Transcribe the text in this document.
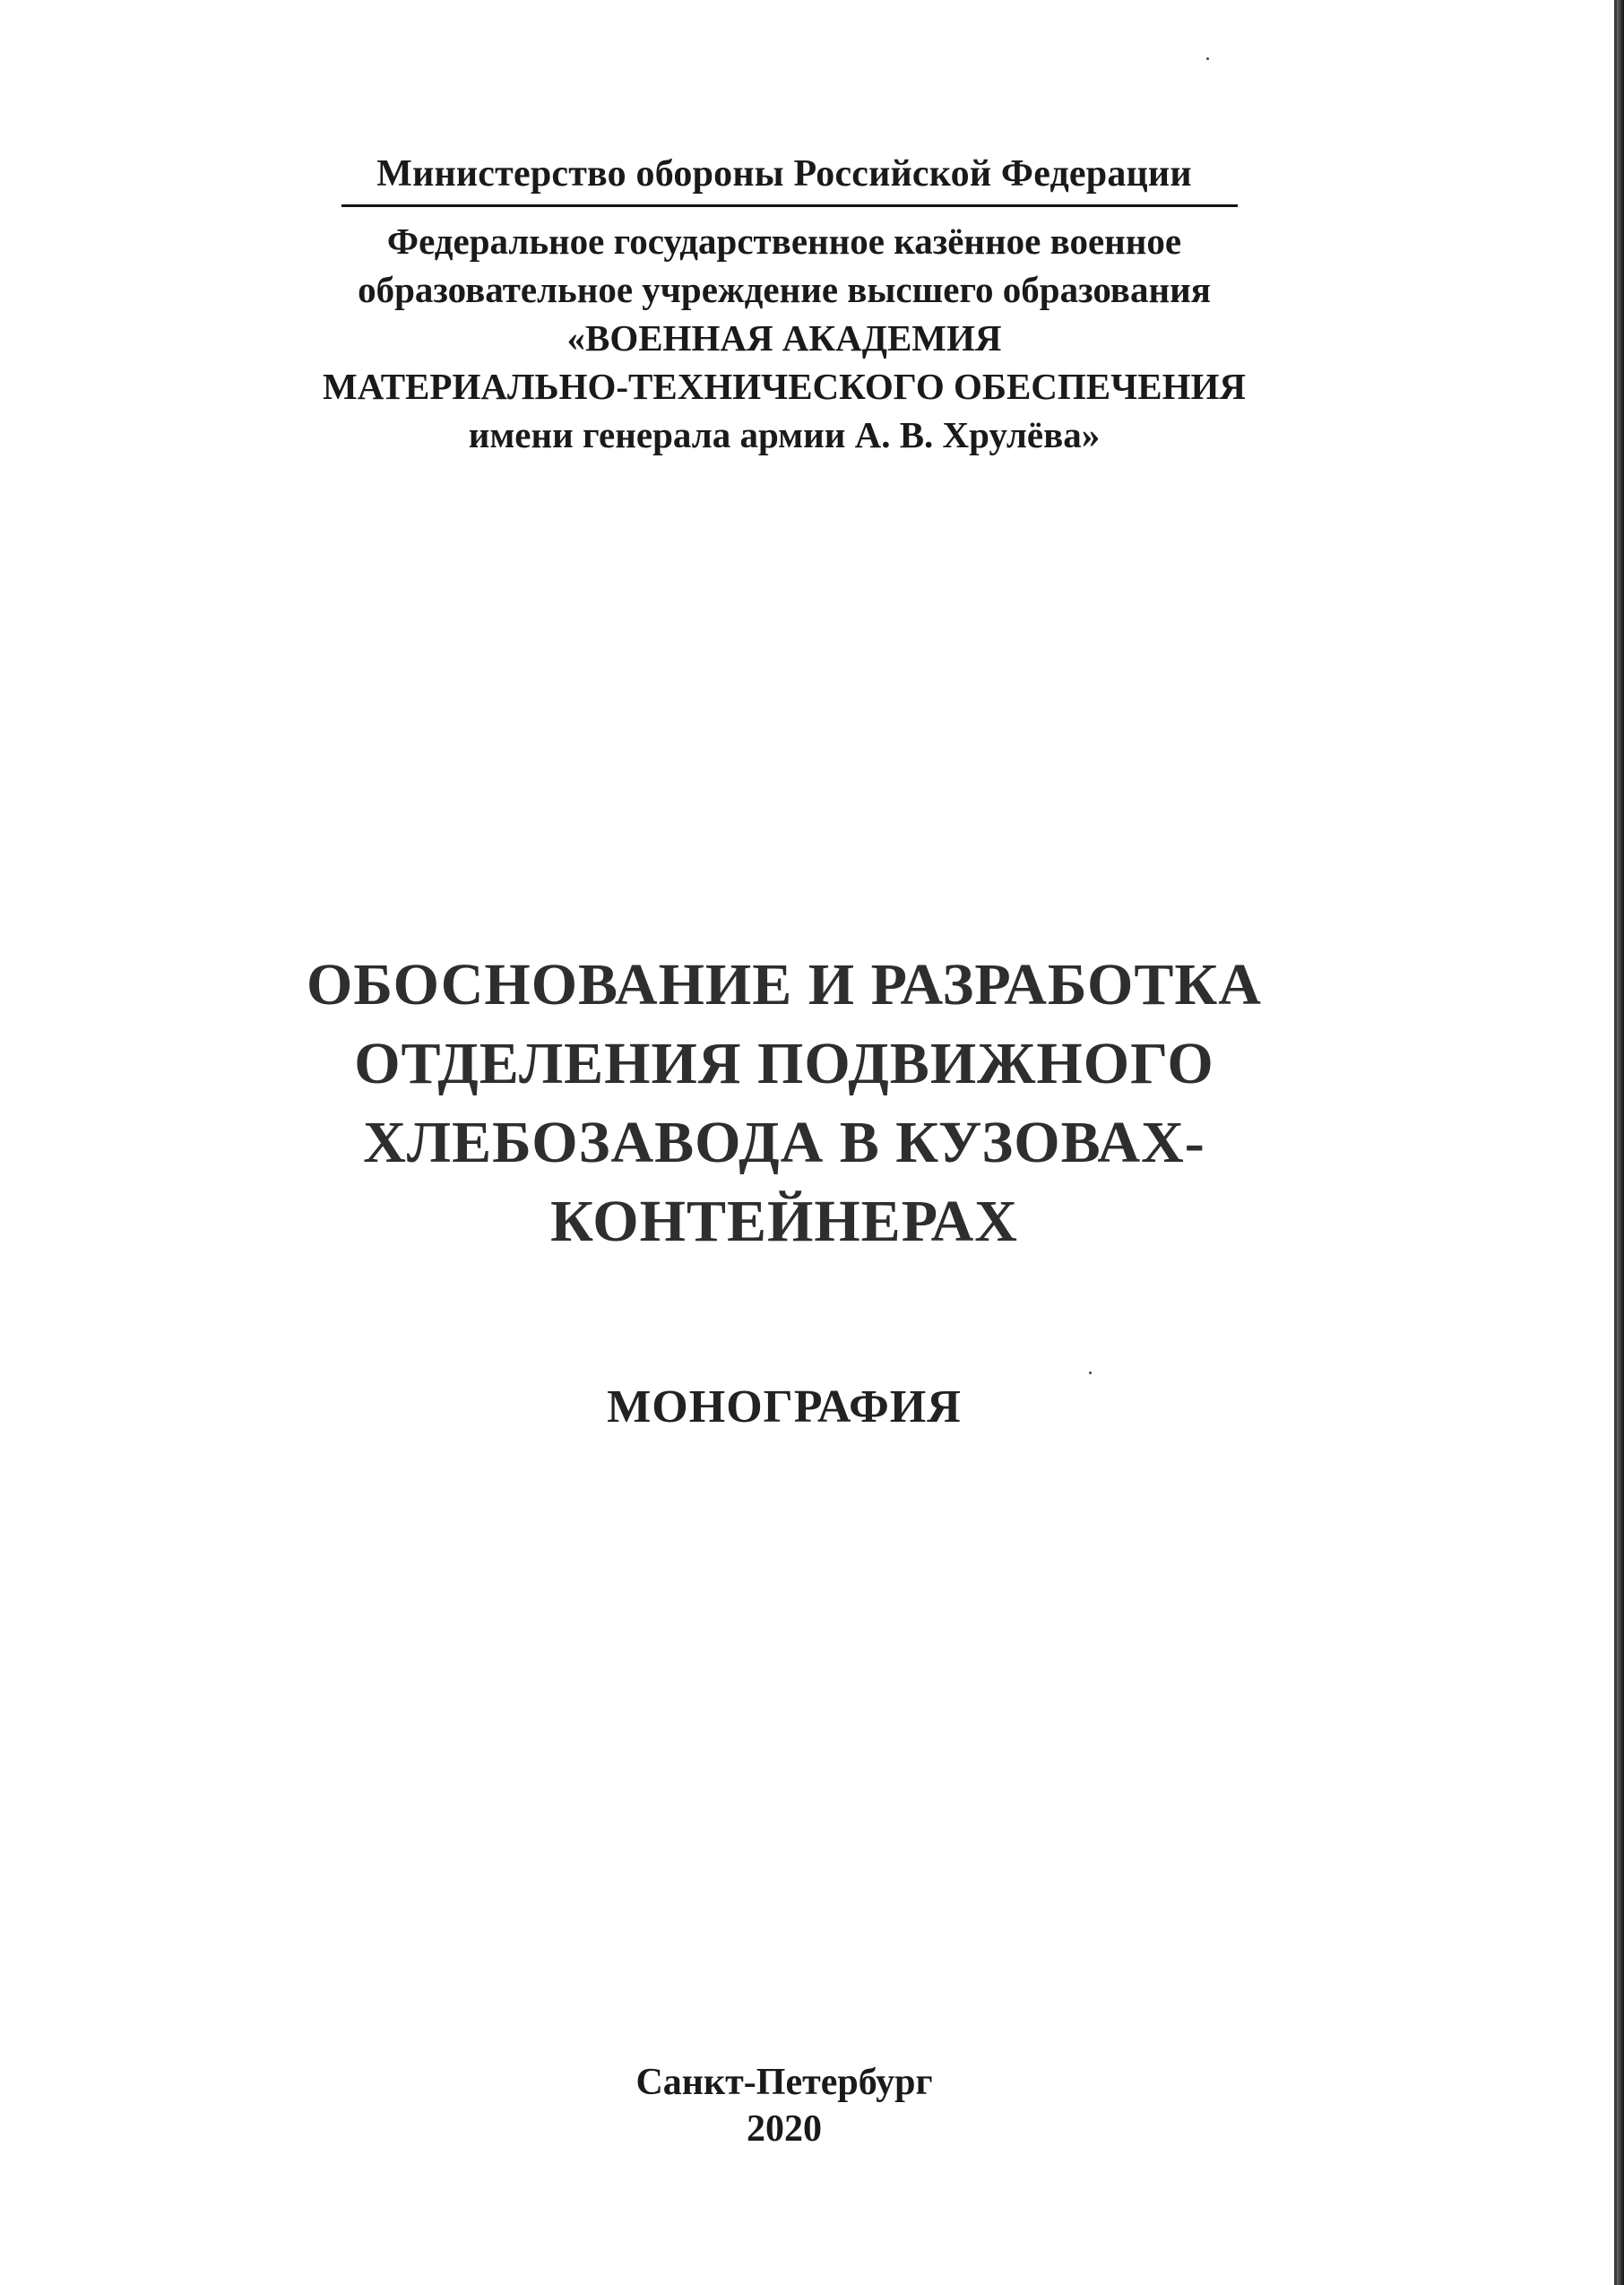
Министерство обороны Российской Федерации
Федеральное государственное казённое военное
образовательное учреждение высшего образования
«ВОЕННАЯ АКАДЕМИЯ
МАТЕРИАЛЬНО-ТЕХНИЧЕСКОГО ОБЕСПЕЧЕНИЯ
имени генерала армии А. В. Хрулёва»
ОБОСНОВАНИЕ И РАЗРАБОТКА
ОТДЕЛЕНИЯ ПОДВИЖНОГО
ХЛЕБОЗАВОДА В КУЗОВАХ-
КОНТЕЙНЕРАХ
МОНОГРАФИЯ
Санкт-Петербург
2020
